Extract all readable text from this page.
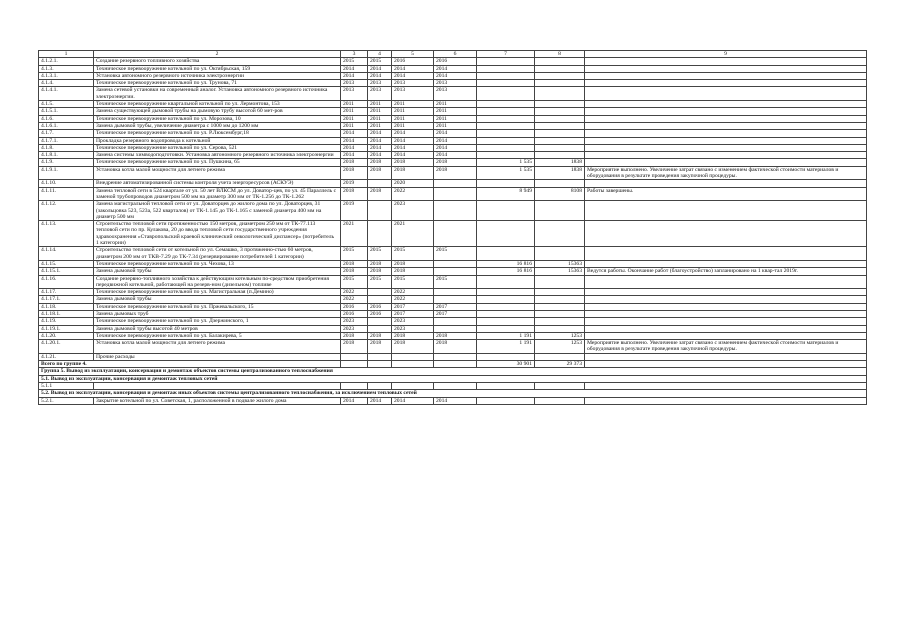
1	2	3	4	5	6	7	8	9
4.1.2.1.	Создание резервного топливного хозяйства	2015	2015	2016	2016			
4.1.3.	Техническое перевооружение котельной по ул. Октябрьская, 159	2014	2014	2014	2014			
4.1.3.1.	Установка автономного резервного источника электроэнергии	2014	2014	2014	2014			
4.1.4.	Техническое перевооружение котельной по ул. Трунова, 71	2013	2013	2013	2013			
4.1.4.1.	Замена сетевой установки на современный аналог. Установка автономного резервного источника электроэнергии.	2013	2013	2013	2013			
4.1.5.	Техническое перевооружение квартальной котельной по ул. Лермонтова, 153	2011	2011	2011	2011			
4.1.5.1.	Замена существующей дымовой трубы на дымовую трубу высотой 60 мет-ров	2011	2011	2011	2011			
4.1.6.	Техническое перевооружение котельной по ул. Морозова, 10	2011	2011	2011	2011			
4.1.6.1.	Замена дымовой трубы, увеличение диаметра с 1000 мм до 1200 мм	2011	2011	2011	2011			
4.1.7.	Техническое перевооружение котельной по ул. Р.Люксембург,18	2014	2014	2014	2014			
4.1.7.1.	Прокладка резервного водопровода к котельной	2014	2014	2014	2014			
4.1.8.	Техническое перевооружение котельной по ул. Серова, 521	2014	2014	2014	2014			
4.1.8.1.	Замена системы химводоподготовки. Установка автономного резервного источника электроэнергии	2014	2014	2014	2014			
4.1.9.	Техническое перевооружение котельной по ул. Пушкина, 65	2018	2018	2018	2018	1 535	1838	
4.1.9.1.	Установка котла малой мощности для летнего режима	2018	2018	2018	2018	1 535	1838	Мероприятие выполнено. Увеличение затрат связано с изменением фактической стоимости материалов и оборудования в результате проведения закупочной процедуры.
4.1.10.	Внедрение автоматизированной системы контроля учета энергоресурсов (АСКУЭ)	2019		2020				
4.1.11.	Замена тепловой сети в 524 квартале от ул. 50 лет ВЛКСМ до ул. Доватор-цев, по ул. 45 Параллель с заменой трубопроводов диаметром 500 мм на диаметр 300 мм от ТК-1.256 до ТК-1.262	2018	2018	2022		8 949	8108	Работы завершены.
4.1.12.	Замена магистральной тепловой сети от ул. Доваторцев до жилого дома по ул. Доваторцев, 31 (закольцовка 523, 523а, 522 кварталов) от ТК-1.145 до ТК-1.165 с заменой диаметра 400 мм на диаметр 500 мм	2019		2023				
4.1.13.	Строительство тепловой сети протяженностью 150 метров, диаметром 250 мм от ТК-77.113 тепловой сети по пр. Кулакова, 20 до ввода тепловой сети государственного учреждения здравоохранения «Ставропольский краевой клинический онкологический диспансер» (потребитель 1 категории)	2021		2021				
4.1.14.	Строительство тепловой сети от котельной по ул. Семашко, 3 протяженно-стью 60 метров, диаметром 200 мм от ТКВ-7.29 до ТК-7.34 (резервирование потребителей 1 категории)	2015	2015	2015	2015			
4.1.15.	Техническое перевооружение котельной по ул. Чехова, 13	2018	2018	2018		16 816	15363	
4.1.15.1.	Замена дымовой трубы	2018	2018	2018		16 816	15363	Ведутся работы. Окончание работ (благоустройство) запланировано на 1 квар-тал 2019г.
4.1.16.	Создание резервно-топливного хозяйства к действующим котельным по-средством приобретения передвижной котельной, работающей на резерв-ном (дизельном) топливе	2015	2015	2015	2015			
4.1.17.	Техническое перевооружение котельной по ул. Магистральная (п.Демино)	2022		2022				
4.1.17.1.	Замена дымовой трубы	2022		2022				
4.1.18.	Техническое перевооружение котельной по ул. Пржевальского, 15	2016	2016	2017	2017			
4.1.18.1.	Замена дымовых труб	2016	2016	2017	2017			
4.1.19.	Техническое перевооружение котельной по ул. Дзержинского, 1	2023		2023				
4.1.19.1.	Замена дымовой трубы высотой 40 метров	2023		2023				
4.1.20.	Техническое перевооружение котельной по ул. Балакирева, 5	2018	2018	2018	2018	1 191	1253	
4.1.20.1.	Установка котла малой мощности для летнего режима	2018	2018	2018	2018	1 191	1253	Мероприятие выполнено. Увеличение затрат связано с изменением фактической стоимости материалов и оборудования в результате проведения закупочной процедуры.
4.1.21.	Прочие расходы							
Всего по группе 4.						30 901	29 373	
Группа 5. Вывод из эксплуатации, консервация и демонтаж объектов системы централизованного теплоснабжения								
5.1. Вывод из эксплуатации, консервация и демонтаж тепловых сетей								
5.1.1								
5.2. Вывод из эксплуатации, консервация и демонтаж иных объектов системы централизованного теплоснабжения, за исключением тепловых сетей								
5.2.1.	Закрытие котельной по ул. Советская, 1, расположенной в подвале жилого дома	2014	2014	2014	2014			
